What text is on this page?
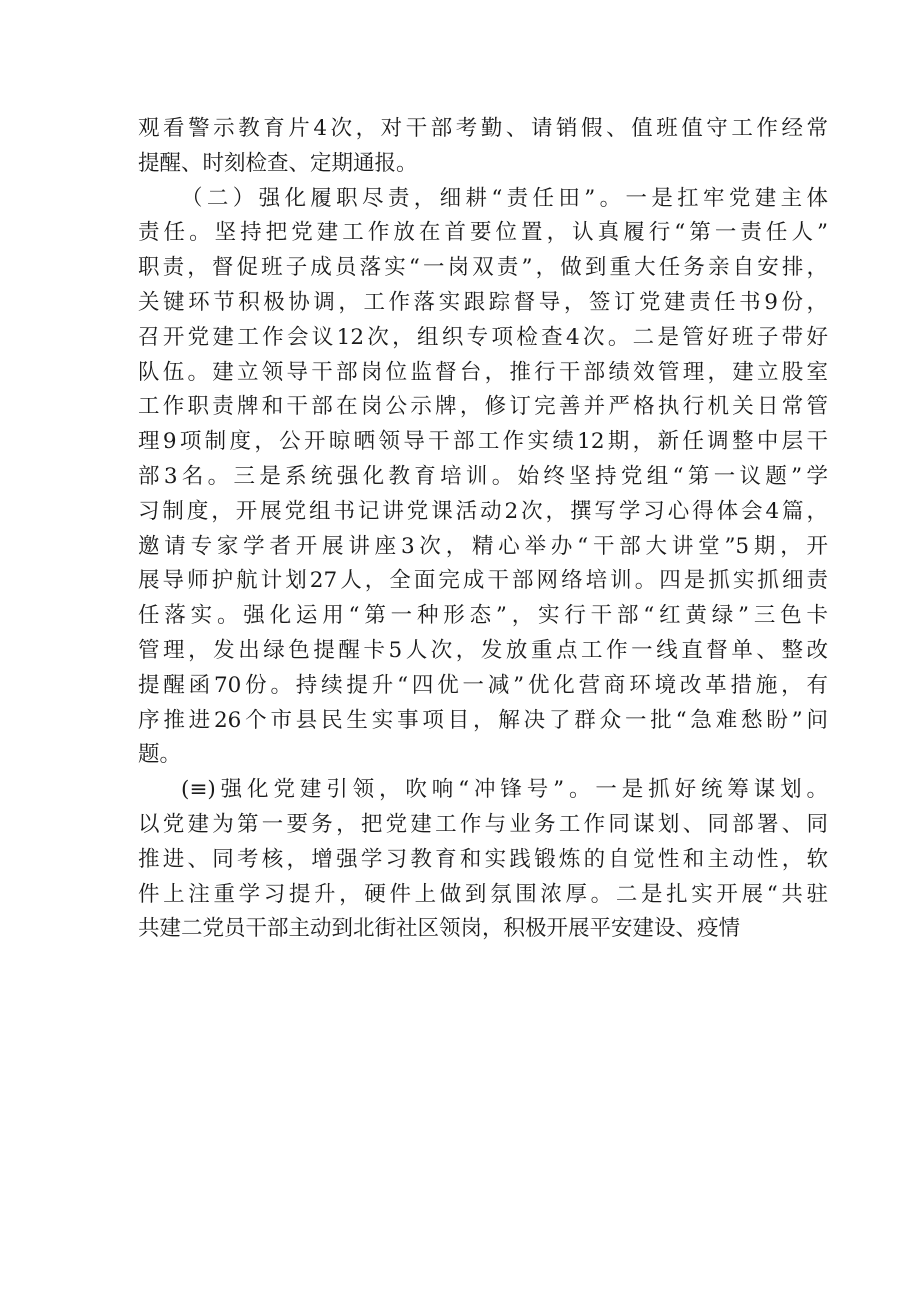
观看警示教育片4次，对干部考勤、请销假、值班值守工作经常
提醒、时刻检查、定期通报。
（二）强化履职尽责，细耕“责任田”。一是扛牢党建主体
责任。坚持把党建工作放在首要位置，认真履行“第一责任人”
职责，督促班子成员落实“一岗双责”，做到重大任务亲自安排，
关键环节积极协调，工作落实跟踪督导，签订党建责任书9份，
召开党建工作会议12次，组织专项检查4次。二是管好班子带好
队伍。建立领导干部岗位监督台，推行干部绩效管理，建立股室
工作职责牌和干部在岗公示牌，修订完善并严格执行机关日常管
理9项制度，公开晾晒领导干部工作实绩12期，新任调整中层干
部3名。三是系统强化教育培训。始终坚持党组“第一议题”学
习制度，开展党组书记讲党课活动2次，撰写学习心得体会4篇，
邀请专家学者开展讲座3次，精心举办“干部大讲堂”5期，开
展导师护航计划27人，全面完成干部网络培训。四是抓实抓细责
任落实。强化运用“第一种形态”，实行干部“红黄绿”三色卡
管理，发出绿色提醒卡5人次，发放重点工作一线直督单、整改
提醒函70份。持续提升“四优一减”优化营商环境改革措施，有
序推进26个市县民生实事项目，解决了群众一批“急难愁盼”问
题。
(≡)强化党建引领，吹响“冲锋号”。一是抓好统筹谋划。
以党建为第一要务，把党建工作与业务工作同谋划、同部署、同
推进、同考核，增强学习教育和实践锻炼的自觉性和主动性，软
件上注重学习提升，硬件上做到氛围浓厚。二是扎实开展“共驻
共建二党员干部主动到北街社区领岗，积极开展平安建设、疫情
